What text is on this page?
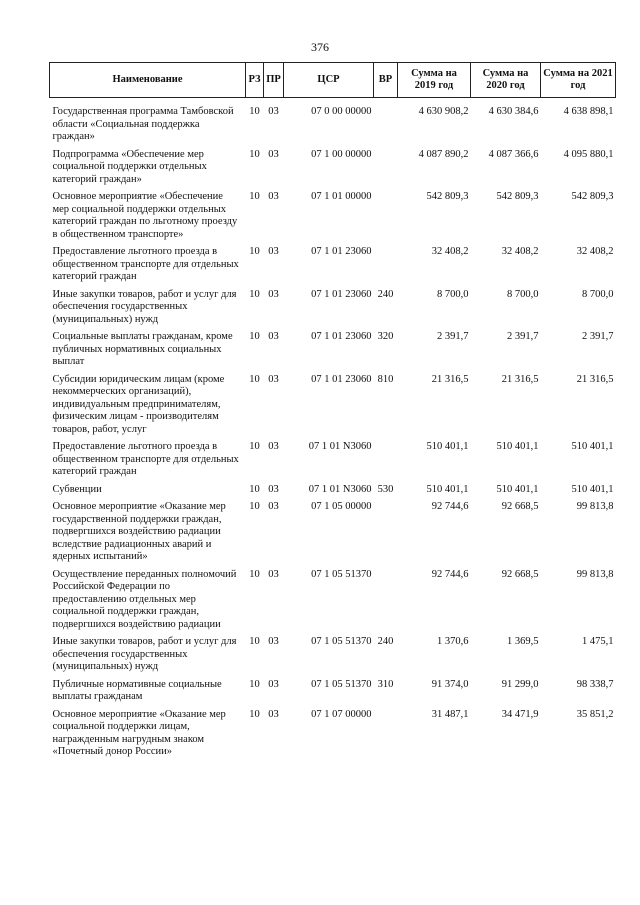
376
Наименование	РЗ	ПР	ЦСР	ВР	Сумма на 2019 год	Сумма на 2020 год	Сумма на 2021 год
Государственная программа Тамбовской области «Социальная поддержка граждан»	10	03	07 0 00 00000		4 630 908,2	4 630 384,6	4 638 898,1
Подпрограмма «Обеспечение мер социальной поддержки отдельных категорий граждан»	10	03	07 1 00 00000		4 087 890,2	4 087 366,6	4 095 880,1
Основное мероприятие «Обеспечение мер социальной поддержки отдельных категорий граждан по льготному проезду в общественном транспорте»	10	03	07 1 01 00000		542 809,3	542 809,3	542 809,3
Предоставление льготного проезда в общественном транспорте для отдельных категорий граждан	10	03	07 1 01 23060		32 408,2	32 408,2	32 408,2
Иные закупки товаров, работ и услуг для обеспечения государственных (муниципальных) нужд	10	03	07 1 01 23060	240	8 700,0	8 700,0	8 700,0
Социальные выплаты гражданам, кроме публичных нормативных социальных выплат	10	03	07 1 01 23060	320	2 391,7	2 391,7	2 391,7
Субсидии юридическим лицам (кроме некоммерческих организаций), индивидуальным предпринимателям, физическим лицам - производителям товаров, работ, услуг	10	03	07 1 01 23060	810	21 316,5	21 316,5	21 316,5
Предоставление льготного проезда в общественном транспорте для отдельных категорий граждан	10	03	07 1 01 N3060		510 401,1	510 401,1	510 401,1
Субвенции	10	03	07 1 01 N3060	530	510 401,1	510 401,1	510 401,1
Основное мероприятие «Оказание мер государственной поддержки граждан, подвергшихся воздействию радиации вследствие радиационных аварий и ядерных испытаний»	10	03	07 1 05 00000		92 744,6	92 668,5	99 813,8
Осуществление переданных полномочий Российской Федерации по предоставлению отдельных мер социальной поддержки граждан, подвергшихся воздействию радиации	10	03	07 1 05 51370		92 744,6	92 668,5	99 813,8
Иные закупки товаров, работ и услуг для обеспечения государственных (муниципальных) нужд	10	03	07 1 05 51370	240	1 370,6	1 369,5	1 475,1
Публичные нормативные социальные выплаты гражданам	10	03	07 1 05 51370	310	91 374,0	91 299,0	98 338,7
Основное мероприятие «Оказание мер социальной поддержки лицам, награжденным нагрудным знаком «Почетный донор России»	10	03	07 1 07 00000		31 487,1	34 471,9	35 851,2
